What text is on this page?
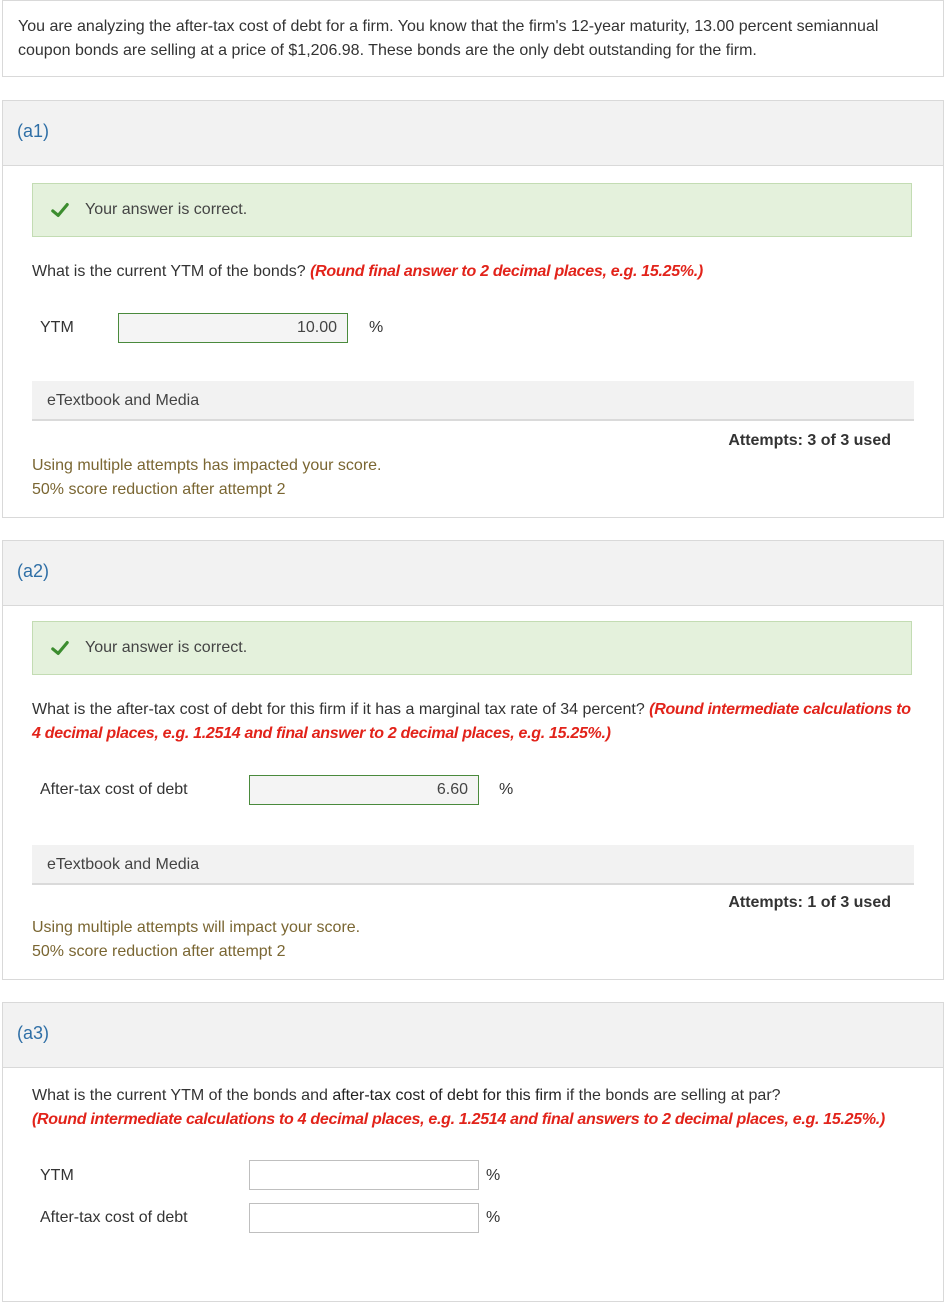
You are analyzing the after-tax cost of debt for a firm. You know that the firm's 12-year maturity, 13.00 percent semiannual coupon bonds are selling at a price of $1,206.98. These bonds are the only debt outstanding for the firm.
(a1)
Your answer is correct.
What is the current YTM of the bonds? (Round final answer to 2 decimal places, e.g. 15.25%.)
YTM
10.00	%
eTextbook and Media
Attempts: 3 of 3 used
Using multiple attempts has impacted your score.
50% score reduction after attempt 2
(a2)
Your answer is correct.
What is the after-tax cost of debt for this firm if it has a marginal tax rate of 34 percent? (Round intermediate calculations to 4 decimal places, e.g. 1.2514 and final answer to 2 decimal places, e.g. 15.25%.)
After-tax cost of debt
6.60	%
eTextbook and Media
Attempts: 1 of 3 used
Using multiple attempts will impact your score.
50% score reduction after attempt 2
(a3)
What is the current YTM of the bonds and after-tax cost of debt for this firm if the bonds are selling at par?
(Round intermediate calculations to 4 decimal places, e.g. 1.2514 and final answers to 2 decimal places, e.g. 15.25%.)
YTM	%
After-tax cost of debt	%
